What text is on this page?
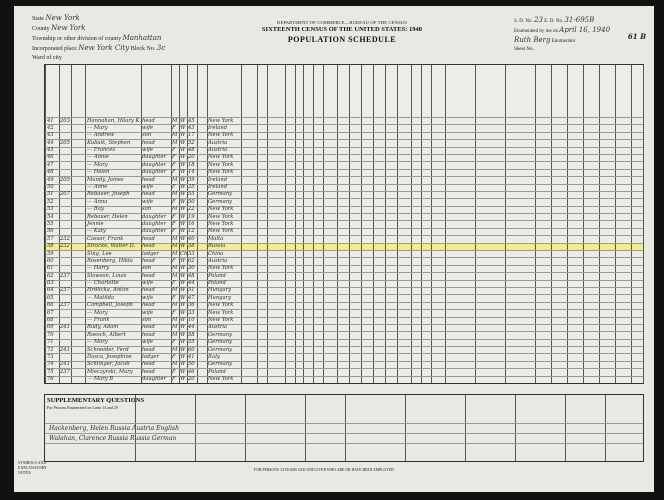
State New York
County New York
Township or other division of county Manhattan
Incorporated place New York City Block No. 3c
Ward of city
DEPARTMENT OF COMMERCE—BUREAU OF THE CENSUS
SIXTEENTH CENSUS OF THE UNITED STATES: 1940
POPULATION SCHEDULE
S. D. No. 23 E. D. No. 31-695B
Enumerated by me on April 16, 1940
Ruth Berg Enumerator
Sheet No.
61 B
41 203	Hannahan, Hilary K. head	M W 45	New York
42	— Mary	wife	F W 43	Ireland
43	— Andrew	son	M W 17	New York
44 205	Kubaik, Stephen head	M W 52	Austria
45	— Frances	wife	F W 48	Austria
46	— Annie	daughter F W 20	New York
47	— Mary	daughter F W 18	New York
48	— Helen	daughter F W 14	New York
49 205	Mundy, James	head	M W 39	Ireland
50	— Anne	wife	F W 35	Ireland
51 207	Rebauer, Joseph head	M W 55	Germany
52	— Anna	wife	F W 50	Germany
53	— Ray	son	M W 22	New York
54	Rebauer, Helen	daughter F W 19	New York
55	Jennie	daughter F W 16	New York
56	— Katy	daughter F W 12	New York
57 232	Cassar, Frank	head	M W 40	Malta
58 232	Stracke, Walter D. head	M W 38	Russia
59	Sing, Lee	lodger	M Ch 33	China
60	Rosenberg, Hilda head	F W 62	Austria
61	— Harry	son	M W 30	New York
62 237	Slawson, Louis	head	M W 48	Poland
63	— Charlotte	wife	F W 44	Poland
64 237	Hrdlicka, Anton	head	M W 51	Hungary
65	— Matilda	wife	F W 47	Hungary
66 237	Campbell, Joseph head	M W 36	New York
67	— Mary	wife	F W 33	New York
68	— Frank	son	M W 10	New York
69 241	Rudy, Adam	head	M W 44	Austria
70	Roesch, Albert	head	M W 58	Germany
71	— Mary	wife	F W 55	Germany
72 241	Schneider, Ferd	head	M W 60	Germany
73	Dasca, Josephine lodger	F W 41	Italy
74 241	Schlinger, Jacob head	M W 50	Germany
75 237	Mieczyrski, Mary head	F W 46	Poland
76	— Mary B	daughter F W 20	New York
SUPPLEMENTARY QUESTIONS
For Persons Enumerated on Lines 14 and 29
Hackenberg, Helen Russia Austria English
Walahan, Clarence Russia Russia German
SYMBOLS AND EXPLANATORY NOTES	FOR PERSONS 14 YEARS OLD AND OVER WHO ARE OR HAVE BEEN EMPLOYED
